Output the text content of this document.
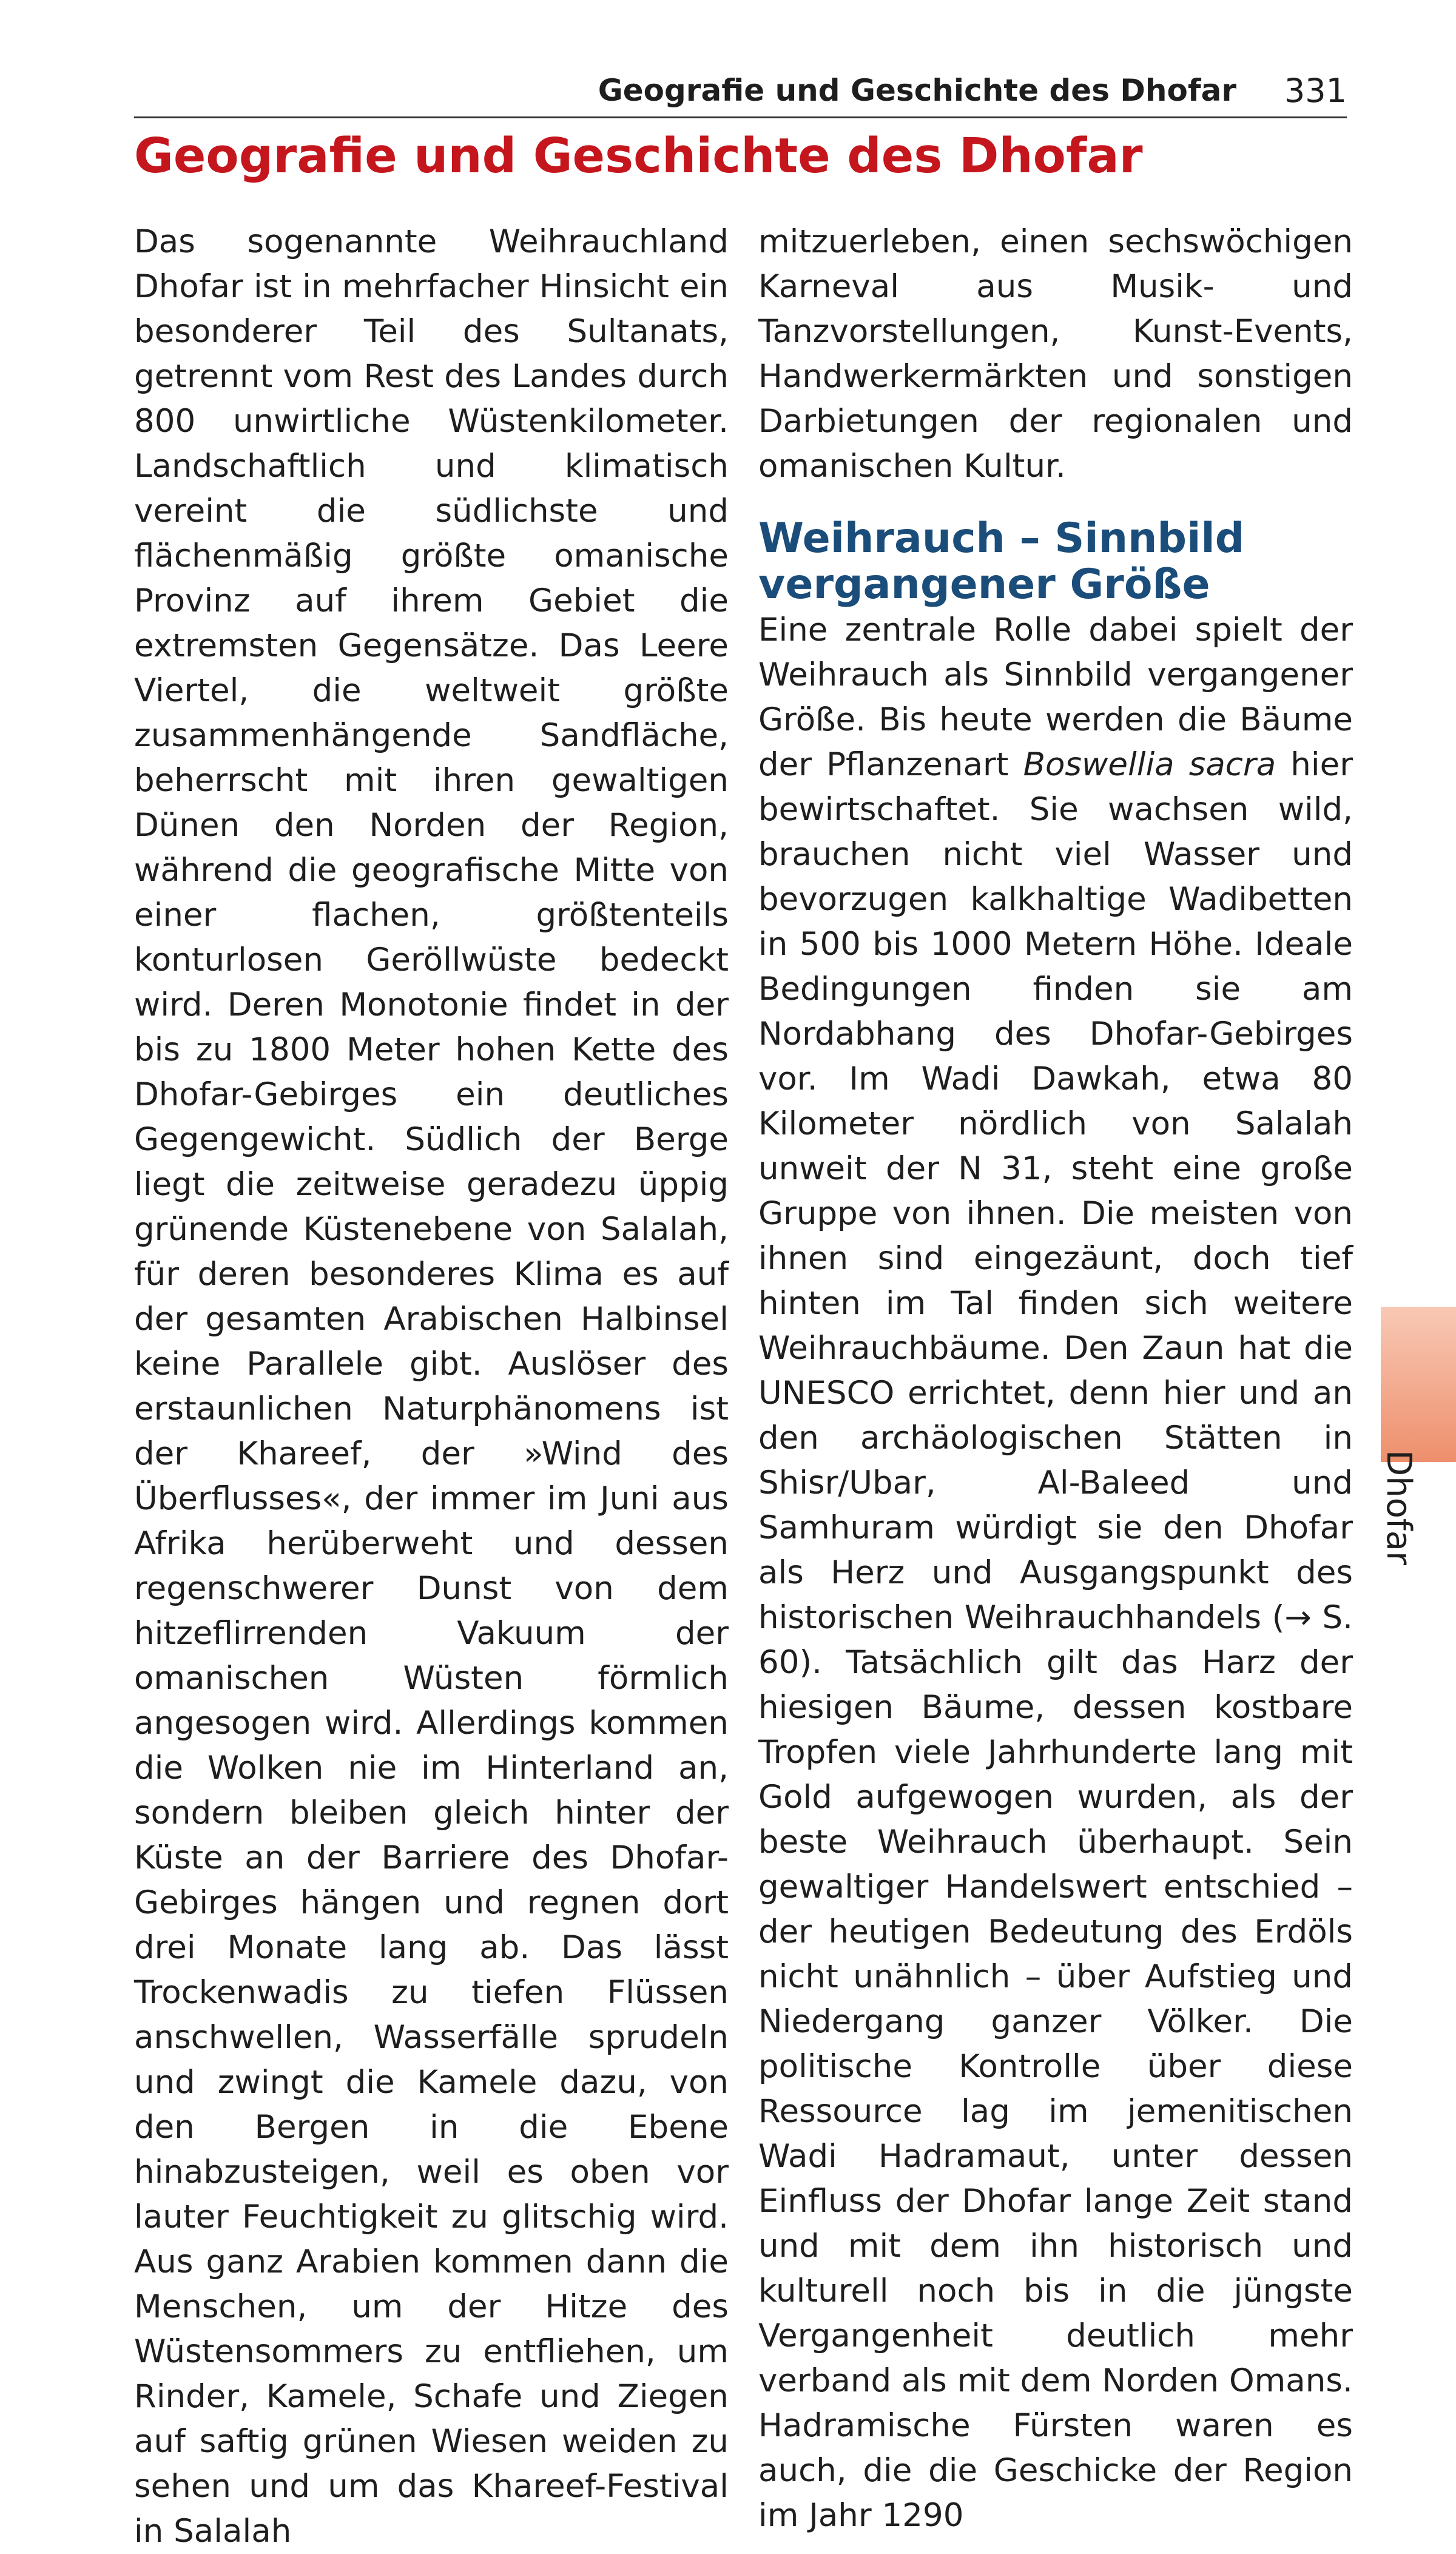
Geografie und Geschichte des Dhofar 331
Geografie und Geschichte des Dhofar

Das sogenannte Weihrauchland Dhofar ist in mehrfacher Hinsicht ein besonderer Teil des Sultanats, getrennt vom Rest des Landes durch 800 unwirtliche Wüstenkilometer. Landschaftlich und klimatisch vereint die südlichste und flächenmäßig größte omanische Provinz auf ihrem Gebiet die extremsten Gegensätze. Das Leere Viertel, die weltweit größte zusammenhängende Sandfläche, beherrscht mit ihren gewaltigen Dünen den Norden der Region, während die geografische Mitte von einer flachen, größtenteils konturlosen Geröllwüste bedeckt wird. Deren Monotonie findet in der bis zu 1800 Meter hohen Kette des Dhofar-Gebirges ein deutliches Gegengewicht. Südlich der Berge liegt die zeitweise geradezu üppig grünende Küstenebene von Salalah, für deren besonderes Klima es auf der gesamten Arabischen Halbinsel keine Parallele gibt. Auslöser des erstaunlichen Naturphänomens ist der Khareef, der »Wind des Überflusses«, der immer im Juni aus Afrika herüberweht und dessen regenschwerer Dunst von dem hitzeflirrenden Vakuum der omanischen Wüsten förmlich angesogen wird. Allerdings kommen die Wolken nie im Hinterland an, sondern bleiben gleich hinter der Küste an der Barriere des Dhofar-Gebirges hängen und regnen dort drei Monate lang ab. Das lässt Trockenwadis zu tiefen Flüssen anschwellen, Wasserfälle sprudeln und zwingt die Kamele dazu, von den Bergen in die Ebene hinabzusteigen, weil es oben vor lauter Feuchtigkeit zu glitschig wird. Aus ganz Arabien kommen dann die Menschen, um der Hitze des Wüstensommers zu entfliehen, um Rinder, Kamele, Schafe und Ziegen auf saftig grünen Wiesen weiden zu sehen und um das Khareef-Festival in Salalah

mitzuerleben, einen sechswöchigen Karneval aus Musik- und Tanzvorstellungen, Kunst-Events, Handwerkermärkten und sonstigen Darbietungen der regionalen und omanischen Kultur.

Weihrauch – Sinnbild vergangener Größe

Eine zentrale Rolle dabei spielt der Weihrauch als Sinnbild vergangener Größe. Bis heute werden die Bäume der Pflanzenart Boswellia sacra hier bewirtschaftet. Sie wachsen wild, brauchen nicht viel Wasser und bevorzugen kalkhaltige Wadibetten in 500 bis 1000 Metern Höhe. Ideale Bedingungen finden sie am Nordabhang des Dhofar-Gebirges vor. Im Wadi Dawkah, etwa 80 Kilometer nördlich von Salalah unweit der N 31, steht eine große Gruppe von ihnen. Die meisten von ihnen sind eingezäunt, doch tief hinten im Tal finden sich weitere Weihrauchbäume. Den Zaun hat die UNESCO errichtet, denn hier und an den archäologischen Stätten in Shisr/Ubar, Al-Baleed und Samhuram würdigt sie den Dhofar als Herz und Ausgangspunkt des historischen Weihrauchhandels (→ S. 60). Tatsächlich gilt das Harz der hiesigen Bäume, dessen kostbare Tropfen viele Jahrhunderte lang mit Gold aufgewogen wurden, als der beste Weihrauch überhaupt. Sein gewaltiger Handelswert entschied – der heutigen Bedeutung des Erdöls nicht unähnlich – über Aufstieg und Niedergang ganzer Völker. Die politische Kontrolle über diese Ressource lag im jemenitischen Wadi Hadramaut, unter dessen Einfluss der Dhofar lange Zeit stand und mit dem ihn historisch und kulturell noch bis in die jüngste Vergangenheit deutlich mehr verband als mit dem Norden Omans.

Hadramische Fürsten waren es auch, die die Geschicke der Region im Jahr 1290

Dhofar
